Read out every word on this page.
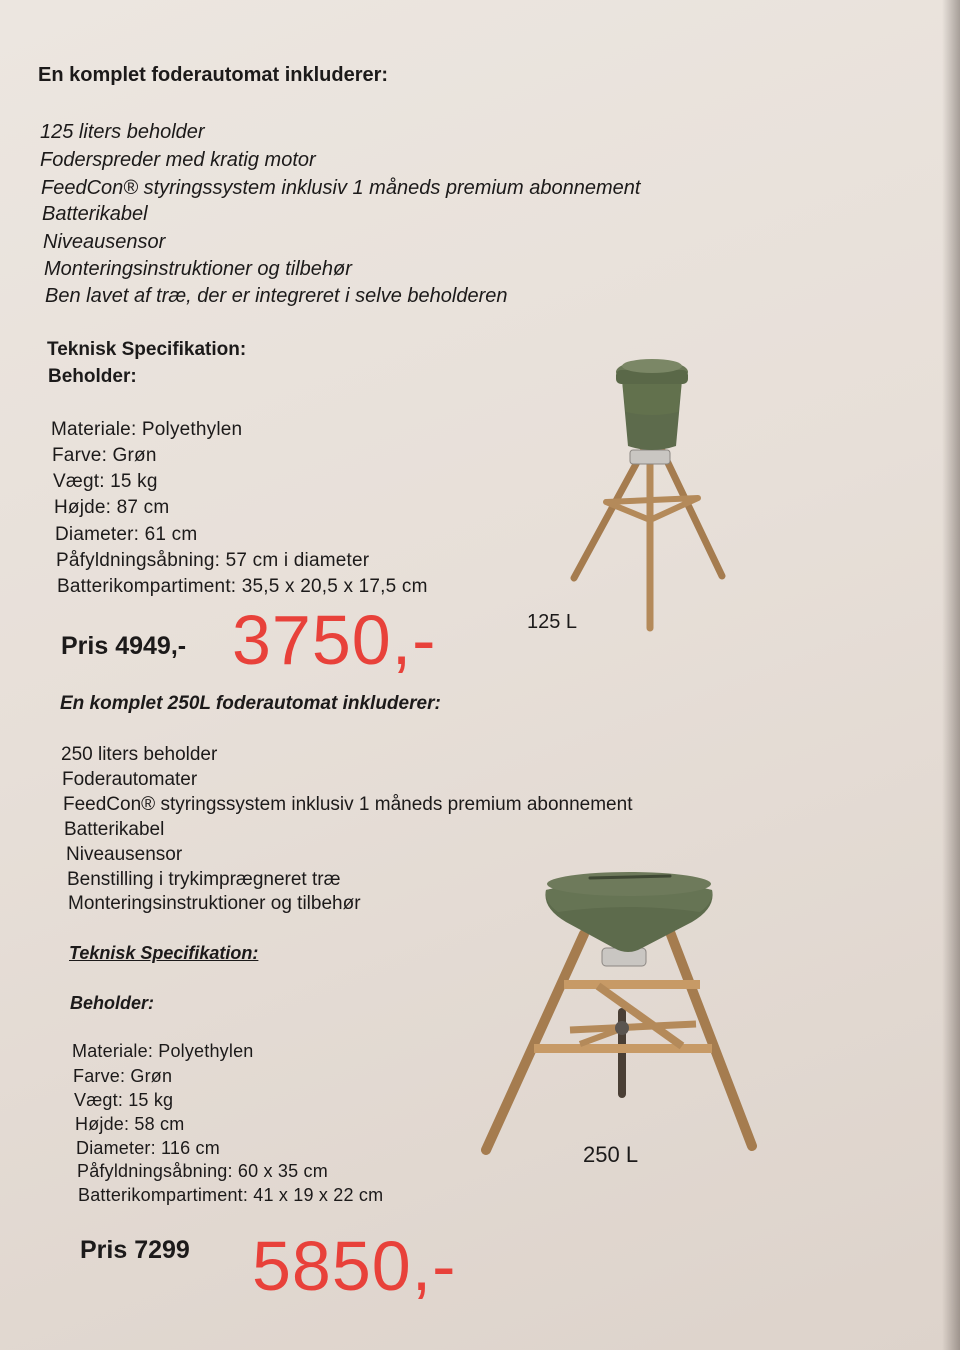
En komplet foderautomat inkluderer:
125 liters beholder
Foderspreder med kratig motor
FeedCon® styringssystem inklusiv 1 måneds premium abonnement
Batterikabel
Niveausensor
Monteringsinstruktioner og tilbehør
Ben lavet af træ, der er integreret i selve beholderen
Teknisk Specifikation:
Beholder:
Materiale: Polyethylen
Farve: Grøn
Vægt: 15 kg
Højde: 87 cm
Diameter: 61 cm
Påfyldningsåbning: 57 cm i diameter
Batterikompartiment: 35,5 x 20,5 x 17,5 cm
Pris 4949,- 3750,-	125 L
En komplet 250L foderautomat inkluderer:
250 liters beholder
Foderautomater
FeedCon® styringssystem inklusiv 1 måneds premium abonnement
Batterikabel
Niveausensor
Benstilling i trykimprægneret træ
Monteringsinstruktioner og tilbehør
Teknisk Specifikation:
Beholder:
Materiale: Polyethylen
Farve: Grøn
Vægt: 15 kg
Højde: 58 cm
Diameter: 116 cm
Påfyldningsåbning: 60 x 35 cm
Batterikompartiment: 41 x 19 x 22 cm
Pris 7299 5850,-
250 L
